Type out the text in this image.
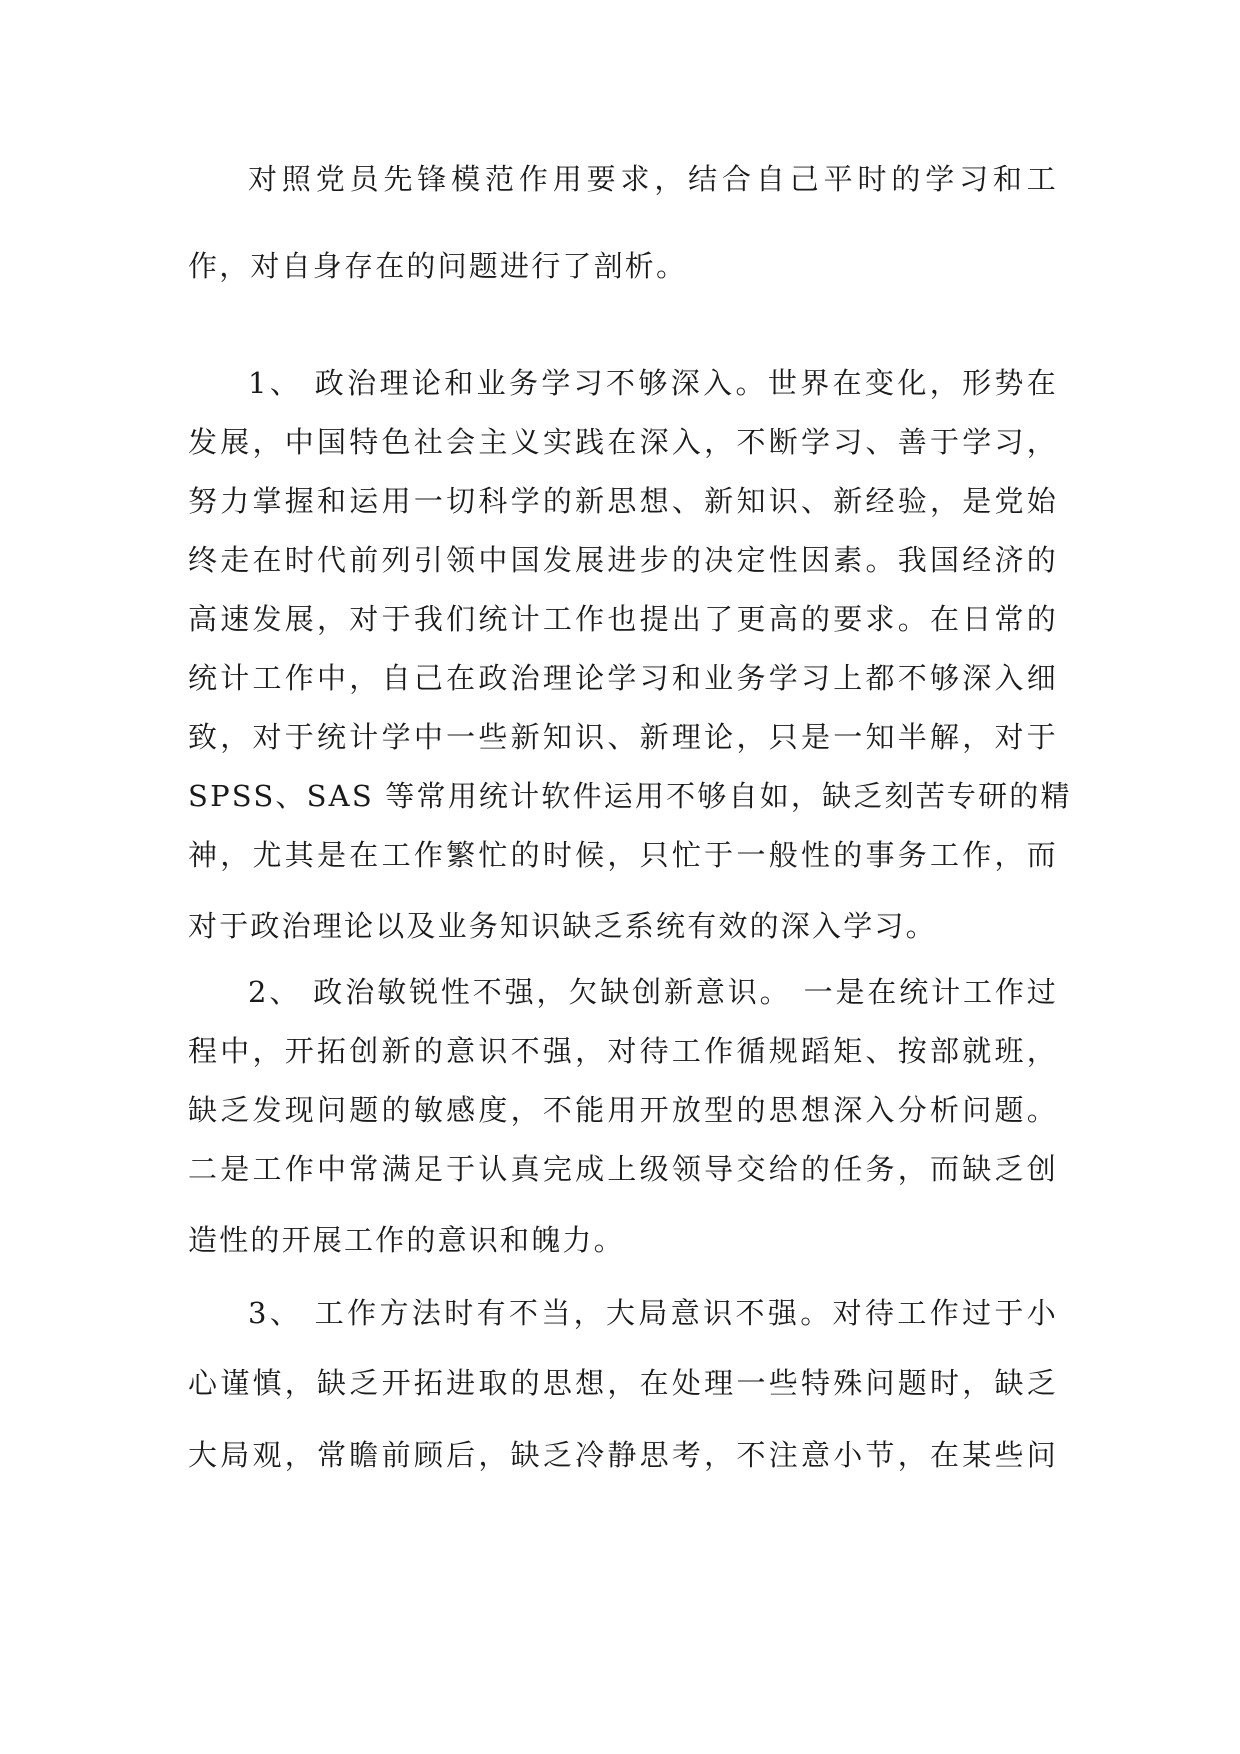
对照党员先锋模范作用要求，结合自己平时的学习和工
作，对自身存在的问题进行了剖析。
1、 政治理论和业务学习不够深入。世界在变化，形势在
发展，中国特色社会主义实践在深入，不断学习、善于学习，
努力掌握和运用一切科学的新思想、新知识、新经验，是党始
终走在时代前列引领中国发展进步的决定性因素。我国经济的
高速发展，对于我们统计工作也提出了更高的要求。在日常的
统计工作中，自己在政治理论学习和业务学习上都不够深入细
致，对于统计学中一些新知识、新理论，只是一知半解，对于
SPSS、SAS 等常用统计软件运用不够自如，缺乏刻苦专研的精
神，尤其是在工作繁忙的时候，只忙于一般性的事务工作，而
对于政治理论以及业务知识缺乏系统有效的深入学习。
2、 政治敏锐性不强，欠缺创新意识。 一是在统计工作过
程中，开拓创新的意识不强，对待工作循规蹈矩、按部就班，
缺乏发现问题的敏感度，不能用开放型的思想深入分析问题。
二是工作中常满足于认真完成上级领导交给的任务，而缺乏创
造性的开展工作的意识和魄力。
3、 工作方法时有不当，大局意识不强。对待工作过于小
心谨慎，缺乏开拓进取的思想，在处理一些特殊问题时，缺乏
大局观，常瞻前顾后，缺乏冷静思考，不注意小节，在某些问
